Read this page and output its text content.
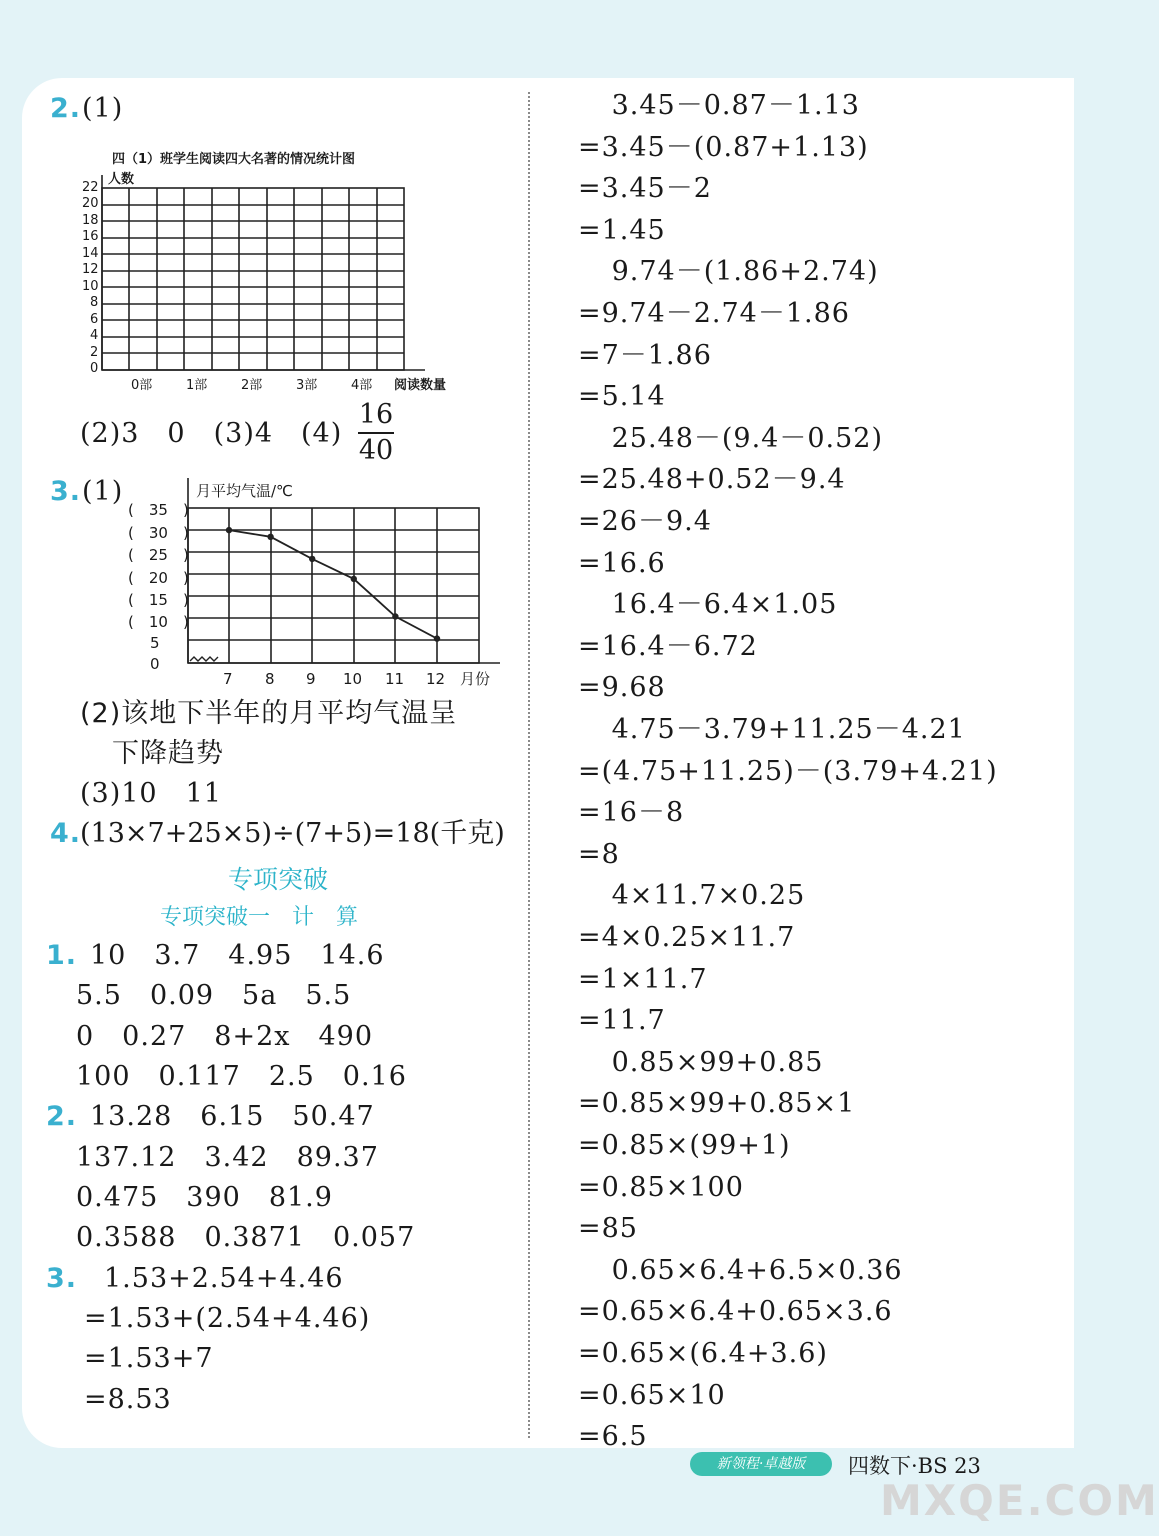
2. (1)
四（1）班学生阅读四大名著的情况统计图
人数
22
20
18
16
14
12
10
8
6
4
2
0
0部	1部	2部	3部	4部 阅读数量
(2)3　0　(3)4　(4)
16
40
3. (1)	月平均气温/℃
(　35　)
(　30　)
(　25　)
(　20　)
(　15　)
(　10　)
5
0
7 8 9 10 11 12 月份
(2)该地下半年的月平均气温呈
下降趋势
(3)10　11
4.
(13×7+25×5)÷(7+5)=18(千克)
专项突破
专项突破一　计　算
1. 10　3.7　4.95　14.6
5.5　0.09　5a　5.5
0　0.27　8+2x　490
100　0.117　2.5　0.16
2. 13.28　6.15　50.47
137.12　3.42　89.37
0.475　390　81.9
0.3588　0.3871　0.057
3. 1.53+2.54+4.46
=1.53+(2.54+4.46)
=1.53+7
=8.53
3.45－0.87－1.13
=3.45－(0.87+1.13)
=3.45－2
=1.45
9.74－(1.86+2.74)
=9.74－2.74－1.86
=7－1.86
=5.14
25.48－(9.4－0.52)
=25.48+0.52－9.4
=26－9.4
=16.6
16.4－6.4×1.05
=16.4－6.72
=9.68
4.75－3.79+11.25－4.21
=(4.75+11.25)－(3.79+4.21)
=16－8
=8
4×11.7×0.25
=4×0.25×11.7
=1×11.7
=11.7
0.85×99+0.85
=0.85×99+0.85×1
=0.85×(99+1)
=0.85×100
=85
0.65×6.4+6.5×0.36
=0.65×6.4+0.65×3.6
=0.65×(6.4+3.6)
=0.65×10
=6.5
新领程·卓越版	四数下·BS 23
MXQE.COM
